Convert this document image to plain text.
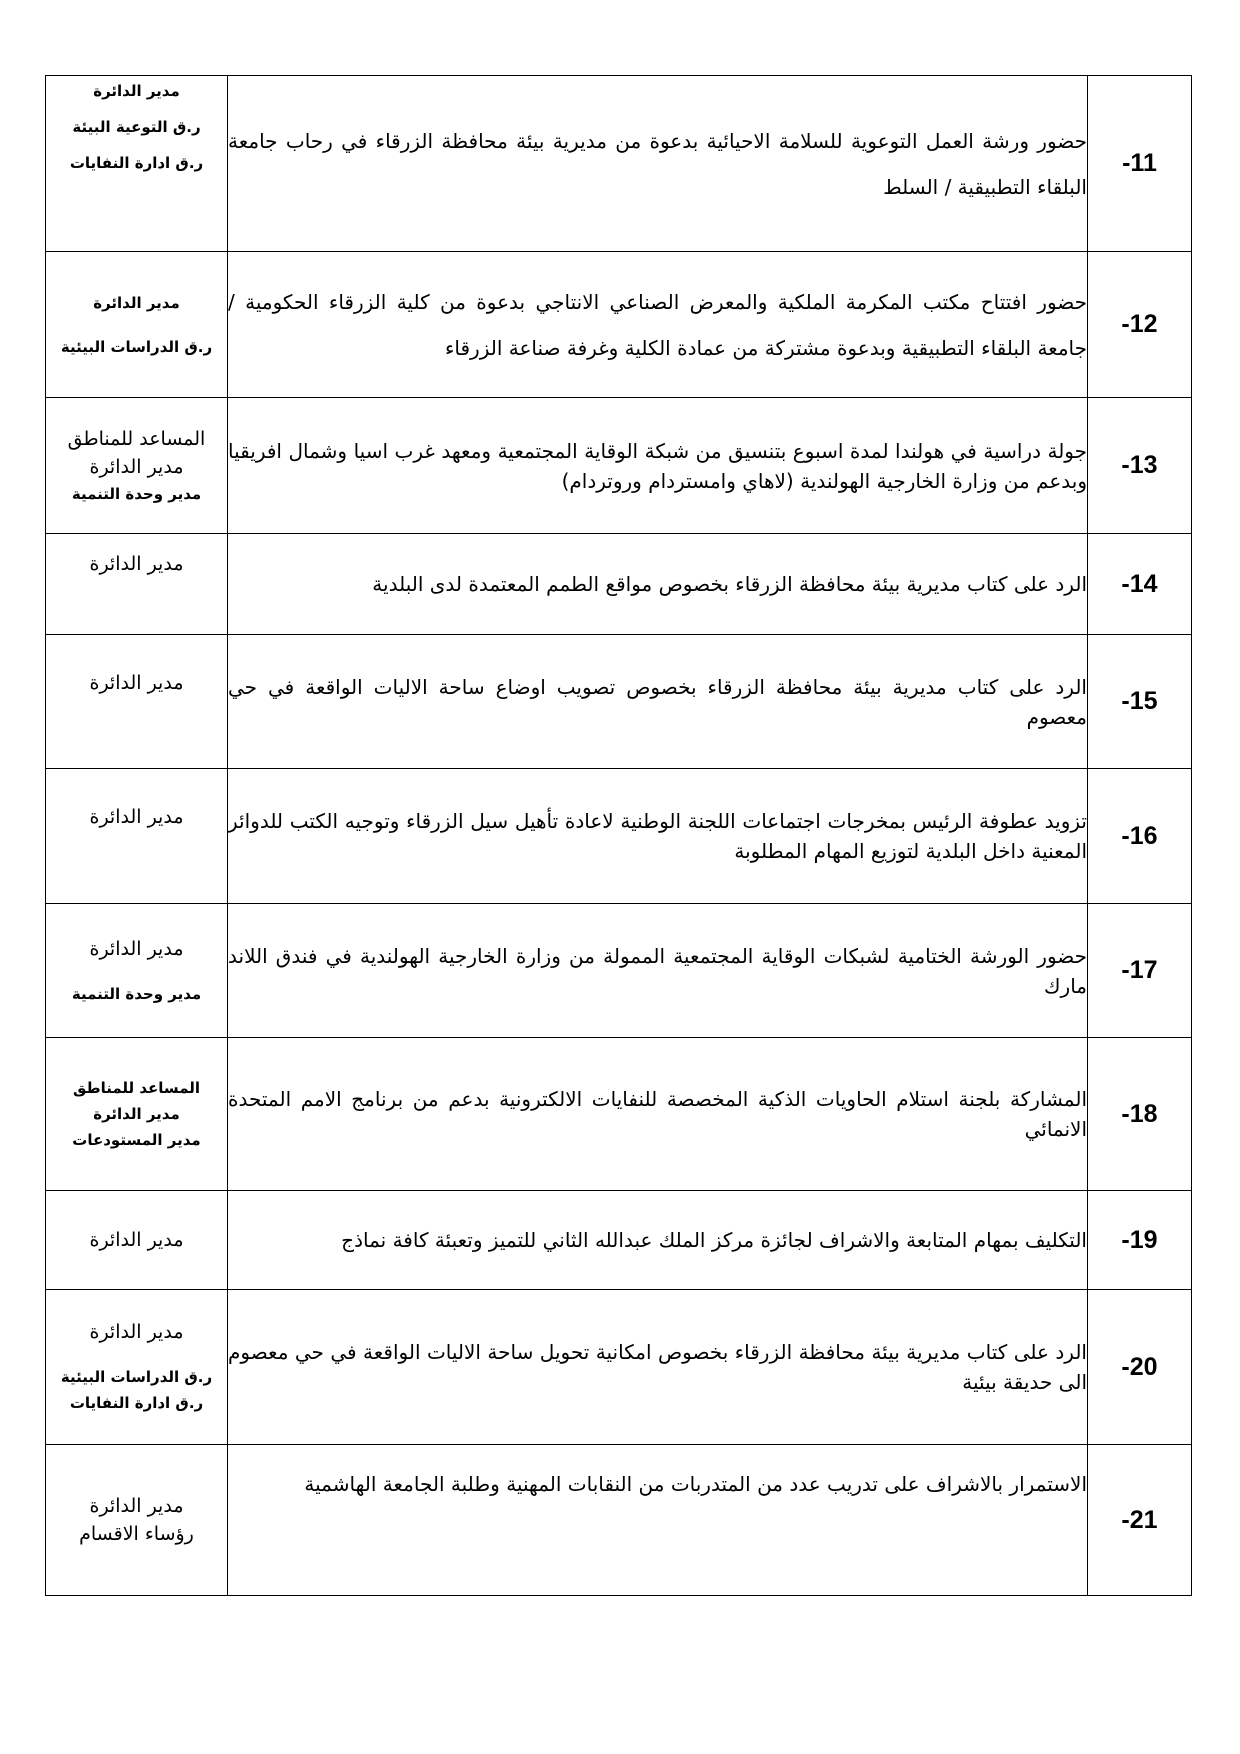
مدير الدائرة
ر.ق التوعية البيئة
ر.ق ادارة النفايات	حضور ورشة العمل التوعوية للسلامة الاحيائية بدعوة من مديرية بيئة محافظة الزرقاء في رحاب جامعة البلقاء التطبيقية / السلط	-11

مدير الدائرة
ر.ق الدراسات البيئية	حضور افتتاح مكتب المكرمة الملكية والمعرض الصناعي الانتاجي بدعوة من كلية الزرقاء الحكومية / جامعة البلقاء التطبيقية وبدعوة مشتركة من عمادة الكلية وغرفة صناعة الزرقاء	-12

المساعد للمناطق
مدير الدائرة
مدير وحدة التنمية	جولة دراسية في هولندا لمدة اسبوع بتنسيق من شبكة الوقاية المجتمعية ومعهد غرب اسيا وشمال افريقيا وبدعم من وزارة الخارجية الهولندية (لاهاي وامستردام وروتردام)	-13

مدير الدائرة	الرد على كتاب مديرية بيئة محافظة الزرقاء بخصوص مواقع الطمم المعتمدة لدى البلدية	-14

مدير الدائرة	الرد على كتاب مديرية بيئة محافظة الزرقاء بخصوص تصويب اوضاع ساحة الاليات الواقعة في حي معصوم	-15

مدير الدائرة	تزويد عطوفة الرئيس بمخرجات اجتماعات اللجنة الوطنية لاعادة تأهيل سيل الزرقاء وتوجيه الكتب للدوائر المعنية داخل البلدية لتوزيع المهام المطلوبة	-16

مدير الدائرة
مدير وحدة التنمية	حضور الورشة الختامية لشبكات الوقاية المجتمعية الممولة من وزارة الخارجية الهولندية في فندق اللاند مارك	-17

المساعد للمناطق
مدير الدائرة
مدير المستودعات	المشاركة بلجنة استلام الحاويات الذكية المخصصة للنفايات الالكترونية بدعم من برنامج الامم المتحدة الانمائي	-18

مدير الدائرة	التكليف بمهام المتابعة والاشراف لجائزة مركز الملك عبدالله الثاني للتميز وتعبئة كافة نماذج	-19

مدير الدائرة
ر.ق الدراسات البيئية
ر.ق ادارة النفايات	الرد على كتاب مديرية بيئة محافظة الزرقاء بخصوص امكانية تحويل ساحة الاليات الواقعة في حي معصوم الى حديقة بيئية	-20

مدير الدائرة
رؤساء الاقسام	الاستمرار بالاشراف على تدريب عدد من المتدربات من النقابات المهنية وطلبة الجامعة الهاشمية	-21
